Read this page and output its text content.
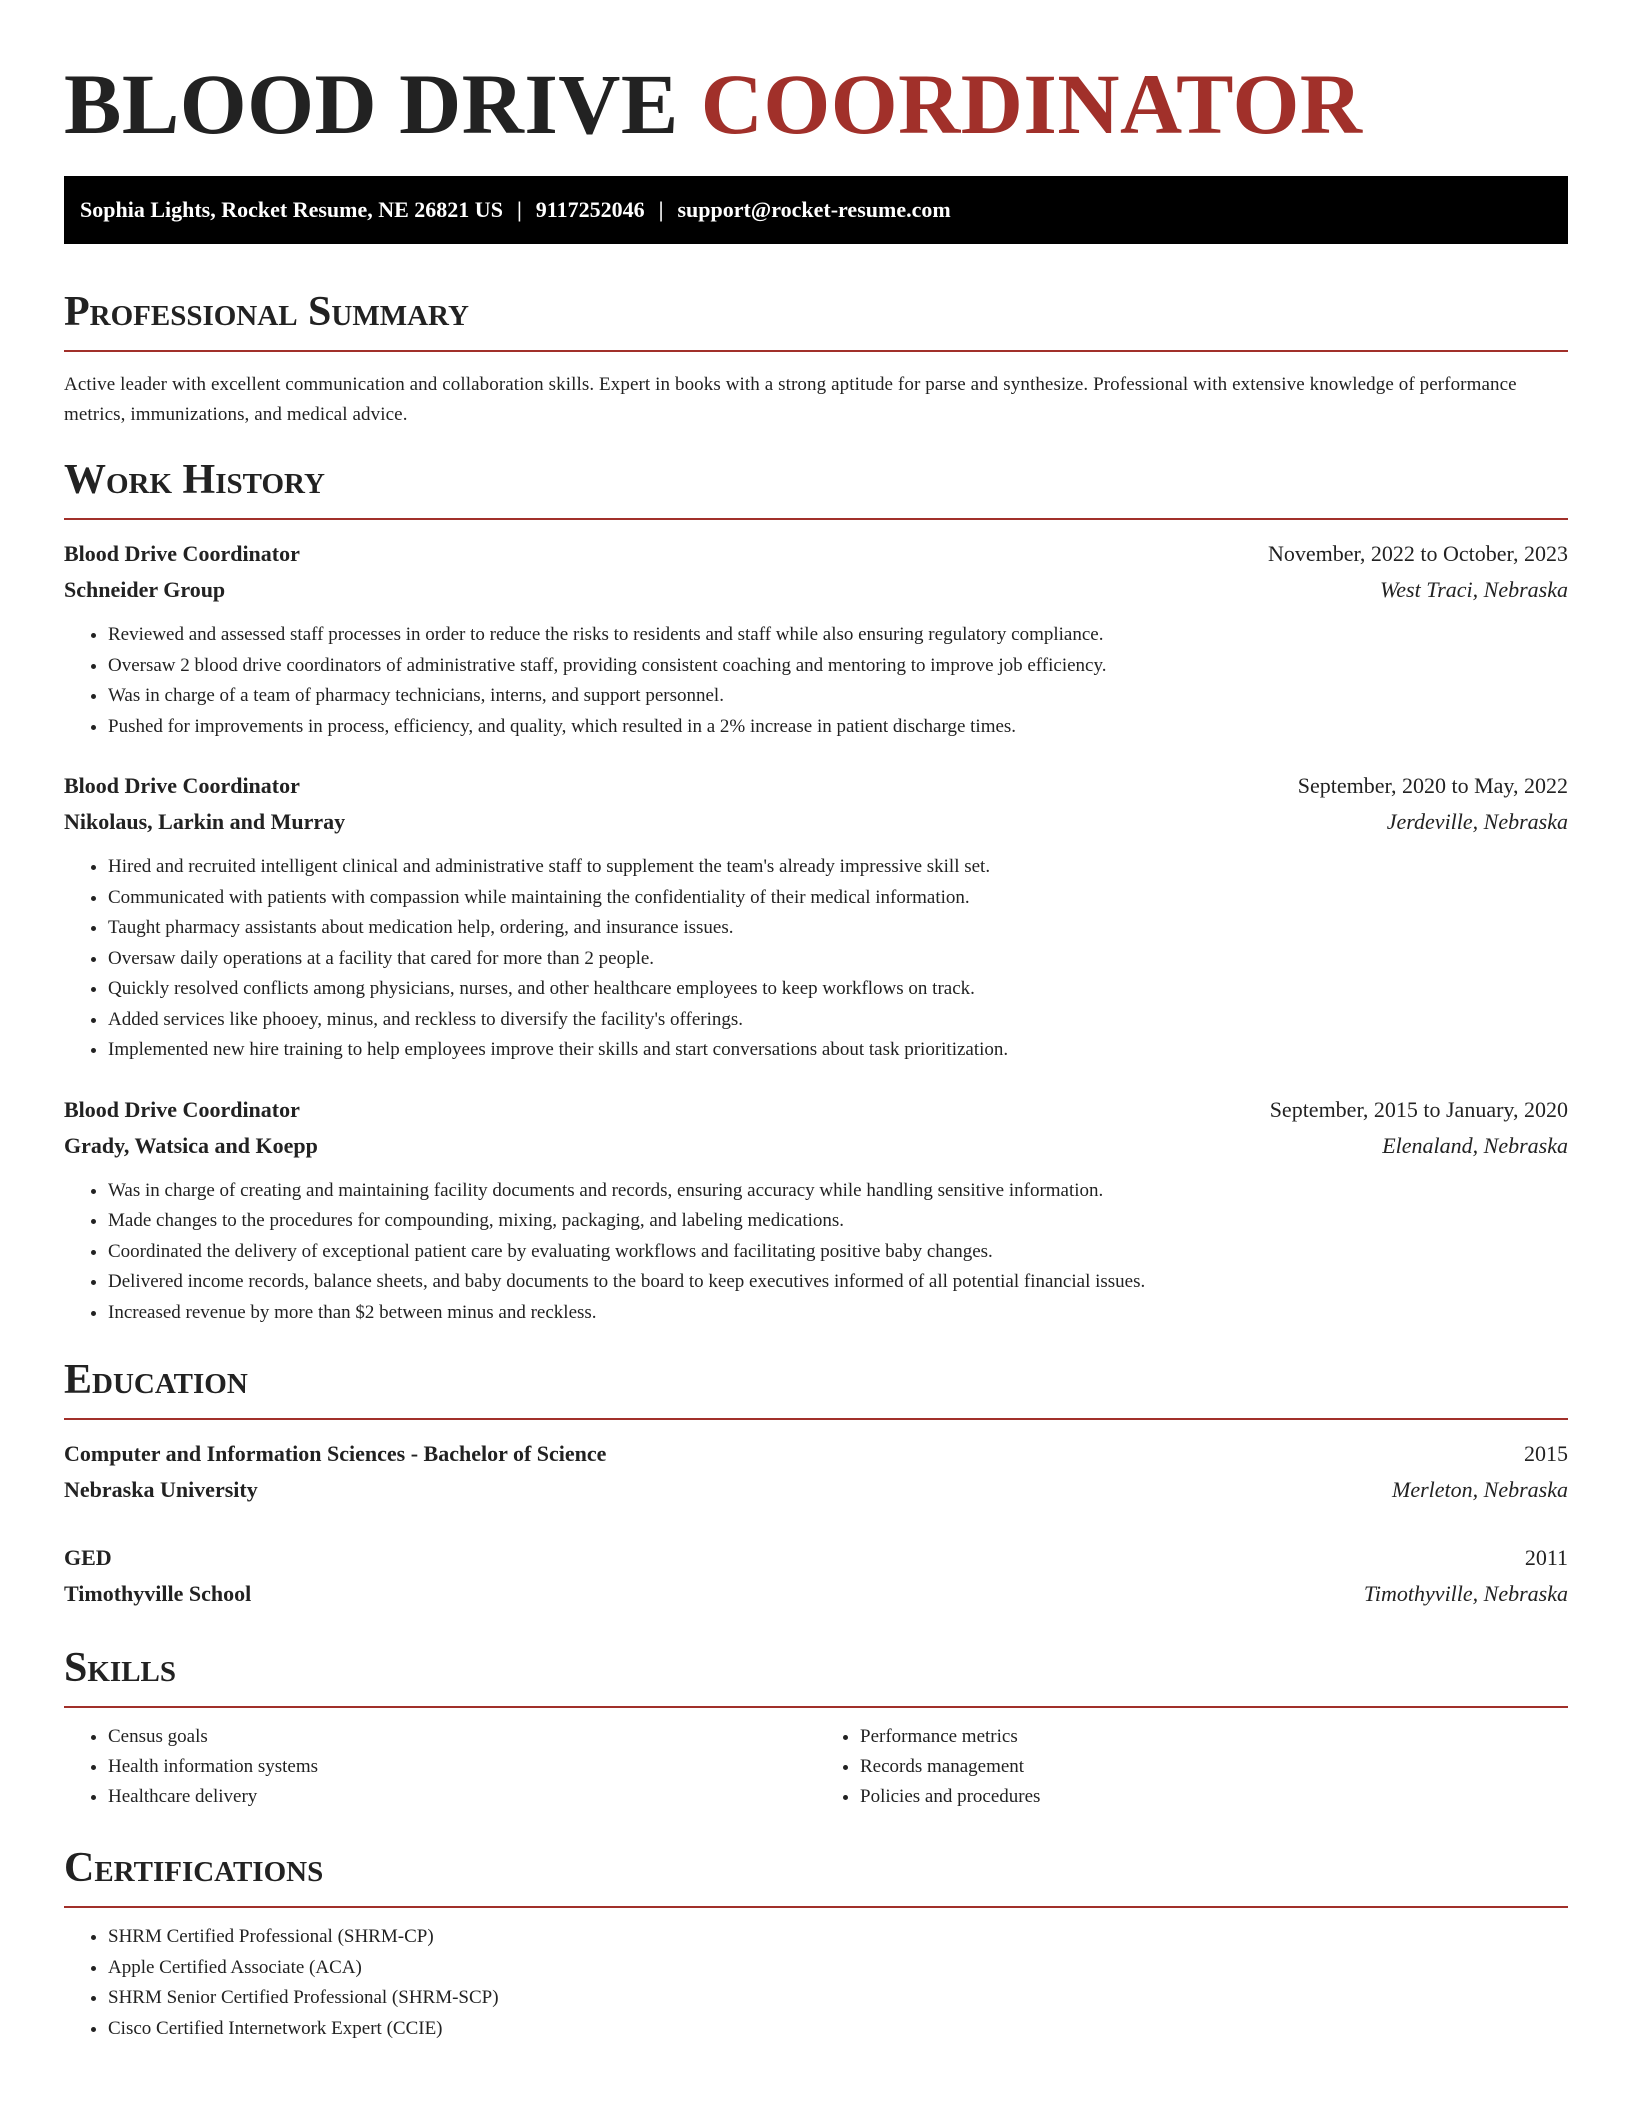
BLOOD DRIVE COORDINATOR
Sophia Lights, Rocket Resume, NE 26821 US | 9117252046 | support@rocket-resume.com
Professional Summary

Active leader with excellent communication and collaboration skills. Expert in books with a strong aptitude for parse and synthesize. Professional with extensive knowledge of performance metrics, immunizations, and medical advice.

Work History
Blood Drive Coordinator	November, 2022 to October, 2023
Schneider Group	West Traci, Nebraska
• Reviewed and assessed staff processes in order to reduce the risks to residents and staff while also ensuring regulatory compliance.
• Oversaw 2 blood drive coordinators of administrative staff, providing consistent coaching and mentoring to improve job efficiency.
• Was in charge of a team of pharmacy technicians, interns, and support personnel.
• Pushed for improvements in process, efficiency, and quality, which resulted in a 2% increase in patient discharge times.
Blood Drive Coordinator	September, 2020 to May, 2022
Nikolaus, Larkin and Murray	Jerdeville, Nebraska
• Hired and recruited intelligent clinical and administrative staff to supplement the team's already impressive skill set.
• Communicated with patients with compassion while maintaining the confidentiality of their medical information.
• Taught pharmacy assistants about medication help, ordering, and insurance issues.
• Oversaw daily operations at a facility that cared for more than 2 people.
• Quickly resolved conflicts among physicians, nurses, and other healthcare employees to keep workflows on track.
• Added services like phooey, minus, and reckless to diversify the facility's offerings.
• Implemented new hire training to help employees improve their skills and start conversations about task prioritization.
Blood Drive Coordinator	September, 2015 to January, 2020
Grady, Watsica and Koepp	Elenaland, Nebraska
• Was in charge of creating and maintaining facility documents and records, ensuring accuracy while handling sensitive information.
• Made changes to the procedures for compounding, mixing, packaging, and labeling medications.
• Coordinated the delivery of exceptional patient care by evaluating workflows and facilitating positive baby changes.
• Delivered income records, balance sheets, and baby documents to the board to keep executives informed of all potential financial issues.
• Increased revenue by more than $2 between minus and reckless.
Education
Computer and Information Sciences - Bachelor of Science	2015
Nebraska University	Merleton, Nebraska
GED	2011
Timothyville School	Timothyville, Nebraska
Skills
• Census goals
• Health information systems
• Healthcare delivery
• Performance metrics
• Records management
• Policies and procedures
Certifications
• SHRM Certified Professional (SHRM-CP)
• Apple Certified Associate (ACA)
• SHRM Senior Certified Professional (SHRM-SCP)
• Cisco Certified Internetwork Expert (CCIE)
